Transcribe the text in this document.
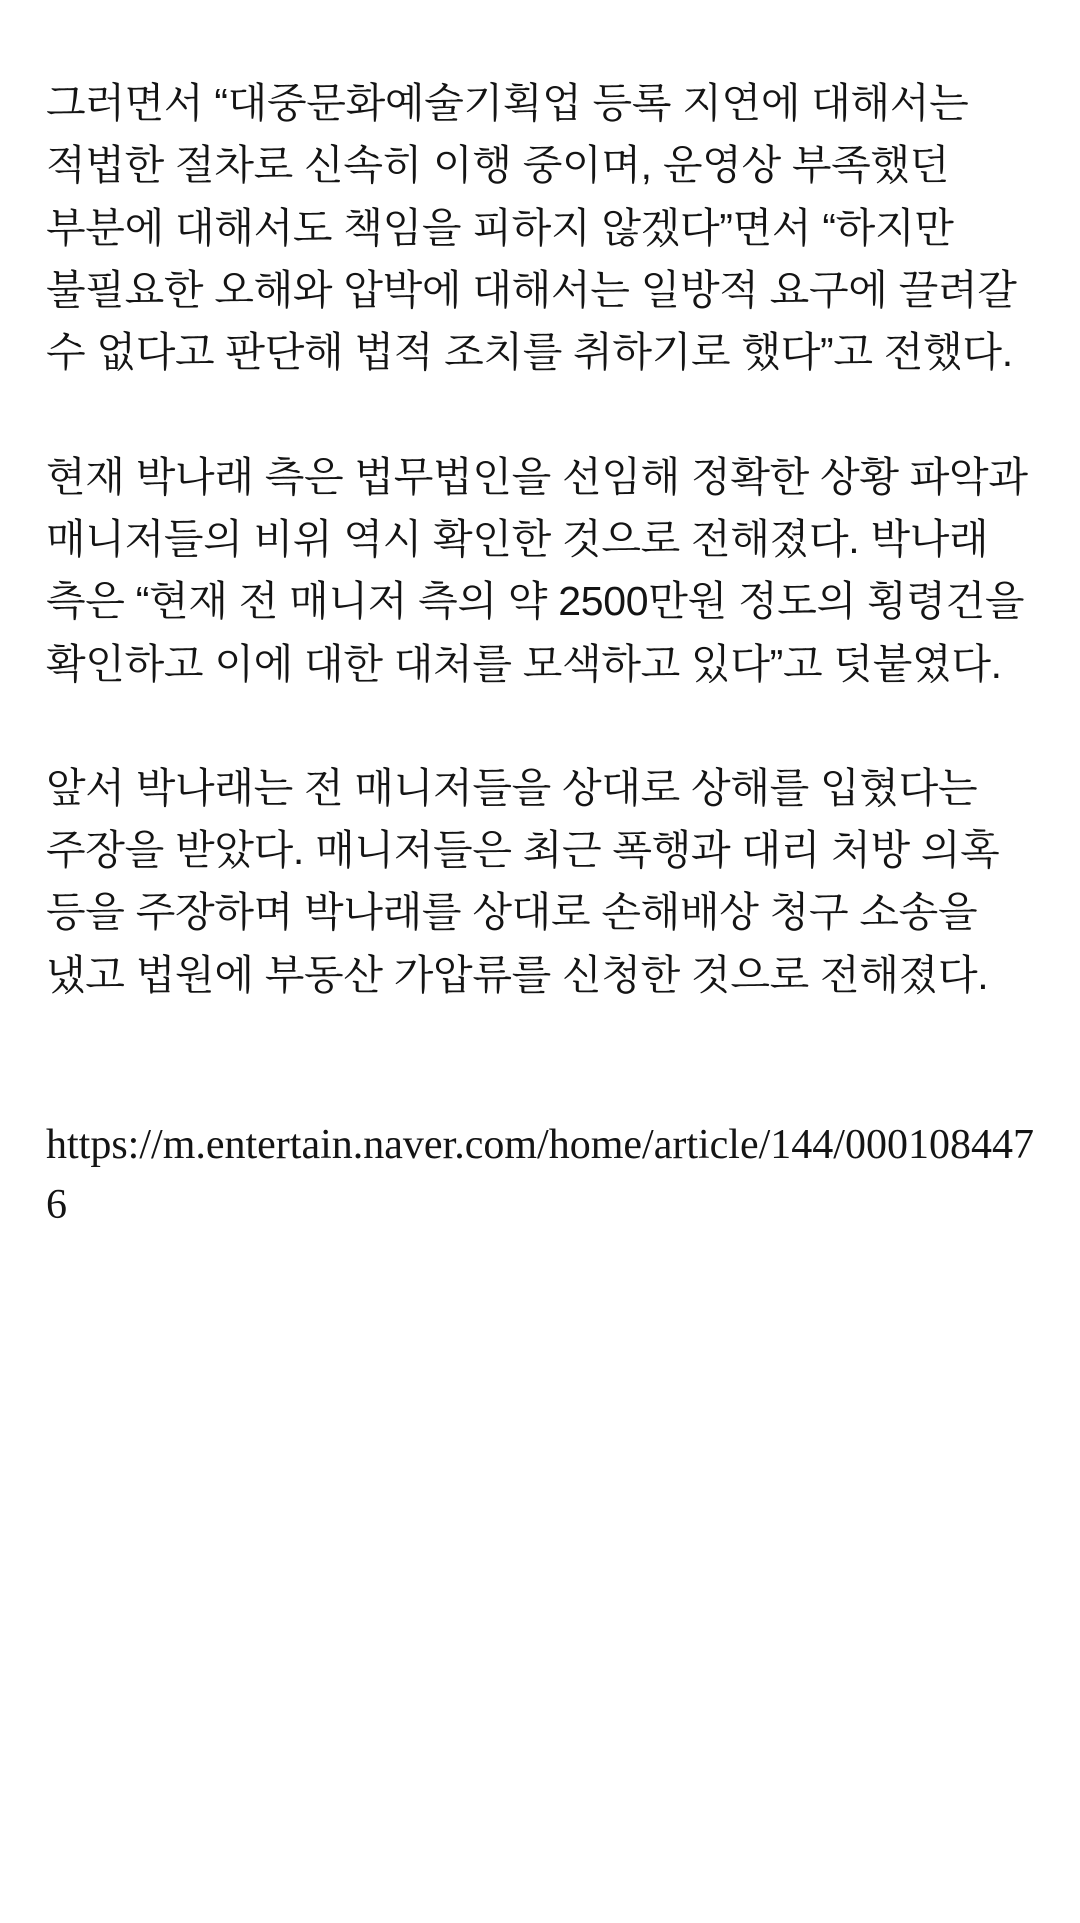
그러면서 “대중문화예술기획업 등록 지연에 대해서는 적법한 절차로 신속히 이행 중이며, 운영상 부족했던 부분에 대해서도 책임을 피하지 않겠다”면서 “하지만 불필요한 오해와 압박에 대해서는 일방적 요구에 끌려갈 수 없다고 판단해 법적 조치를 취하기로 했다”고 전했다.

현재 박나래 측은 법무법인을 선임해 정확한 상황 파악과 매니저들의 비위 역시 확인한 것으로 전해졌다. 박나래 측은 “현재 전 매니저 측의 약 2500만원 정도의 횡령건을 확인하고 이에 대한 대처를 모색하고 있다”고 덧붙였다.

앞서 박나래는 전 매니저들을 상대로 상해를 입혔다는 주장을 받았다. 매니저들은 최근 폭행과 대리 처방 의혹 등을 주장하며 박나래를 상대로 손해배상 청구 소송을 냈고 법원에 부동산 가압류를 신청한 것으로 전해졌다.

https://m.entertain.naver.com/home/article/144/0001084476
